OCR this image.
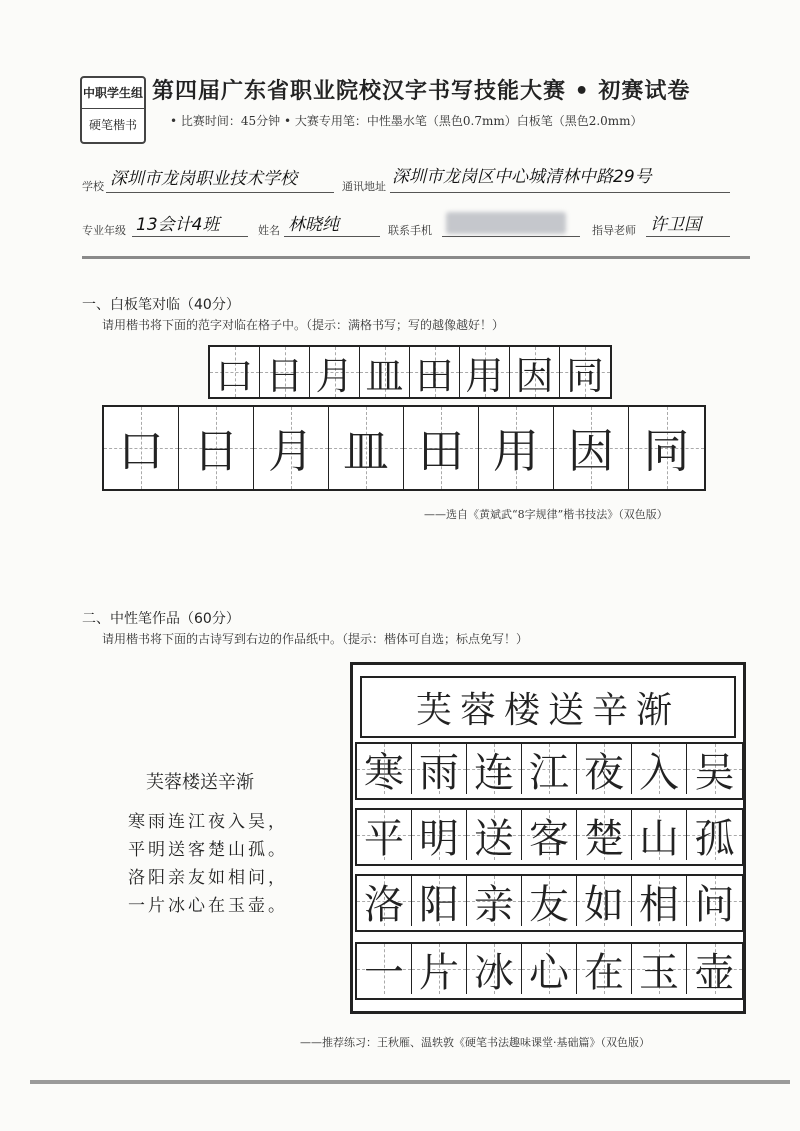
中职学生组
硬笔楷书
第四届广东省职业院校汉字书写技能大赛 • 初赛试卷
• 比赛时间：45分钟 • 大赛专用笔：中性墨水笔（黑色0.7mm）白板笔（黑色2.0mm）
学校 深圳市龙岗职业技术学校	通讯地址 深圳市龙岗区中心城清林中路29号
专业年级 13会计4班	姓名 林晓纯	联系手机	指导老师 许卫国
一、白板笔对临（40分）
请用楷书将下面的范字对临在格子中。（提示：满格书写；写的越像越好！）
口 日 月 皿 田 用 因 同
口 日 月 皿 田 用 因 同
——选自《黄斌武“8字规律”楷书技法》（双色版）
二、中性笔作品（60分）
请用楷书将下面的古诗写到右边的作品纸中。（提示：楷体可自选；标点免写！）
芙蓉楼送辛渐
寒雨连江夜入吴，
平明送客楚山孤。
洛阳亲友如相问，
一片冰心在玉壶。
芙蓉楼送辛渐
寒 雨 连 江 夜 入 吴
平 明 送 客 楚 山 孤
洛 阳 亲 友 如 相 问
一 片 冰 心 在 玉 壶
——推荐练习：王秋雁、温轶敦《硬笔书法趣味课堂·基础篇》（双色版）
